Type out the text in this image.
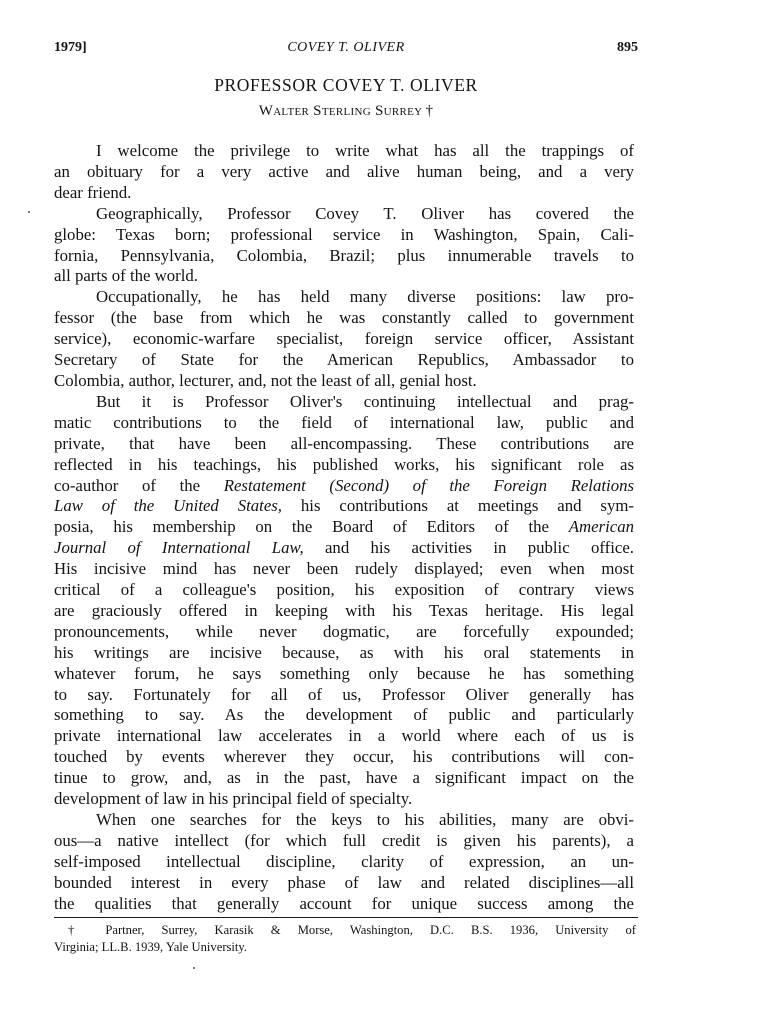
1979]	COVEY T. OLIVER	895
PROFESSOR COVEY T. OLIVER
Walter Sterling Surrey †

I welcome the privilege to write what has all the trappings of
an obituary for a very active and alive human being, and a very
dear friend.

Geographically, Professor Covey T. Oliver has covered the
globe: Texas born; professional service in Washington, Spain, Cali-
fornia, Pennsylvania, Colombia, Brazil; plus innumerable travels to
all parts of the world.

Occupationally, he has held many diverse positions: law pro-
fessor (the base from which he was constantly called to government
service), economic-warfare specialist, foreign service officer, Assistant
Secretary of State for the American Republics, Ambassador to
Colombia, author, lecturer, and, not the least of all, genial host.

But it is Professor Oliver's continuing intellectual and prag-
matic contributions to the field of international law, public and
private, that have been all-encompassing. These contributions are
reflected in his teachings, his published works, his significant role as
co-author of the Restatement (Second) of the Foreign Relations
Law of the United States, his contributions at meetings and sym-
posia, his membership on the Board of Editors of the American
Journal of International Law, and his activities in public office.
His incisive mind has never been rudely displayed; even when most
critical of a colleague's position, his exposition of contrary views
are graciously offered in keeping with his Texas heritage. His legal
pronouncements, while never dogmatic, are forcefully expounded;
his writings are incisive because, as with his oral statements in
whatever forum, he says something only because he has something
to say. Fortunately for all of us, Professor Oliver generally has
something to say. As the development of public and particularly
private international law accelerates in a world where each of us is
touched by events wherever they occur, his contributions will con-
tinue to grow, and, as in the past, have a significant impact on the
development of law in his principal field of specialty.

When one searches for the keys to his abilities, many are obvi-
ous—a native intellect (for which full credit is given his parents), a
self-imposed intellectual discipline, clarity of expression, an un-
bounded interest in every phase of law and related disciplines—all
the qualities that generally account for unique success among the

† Partner, Surrey, Karasik & Morse, Washington, D.C. B.S. 1936, University of
Virginia; LL.B. 1939, Yale University.
